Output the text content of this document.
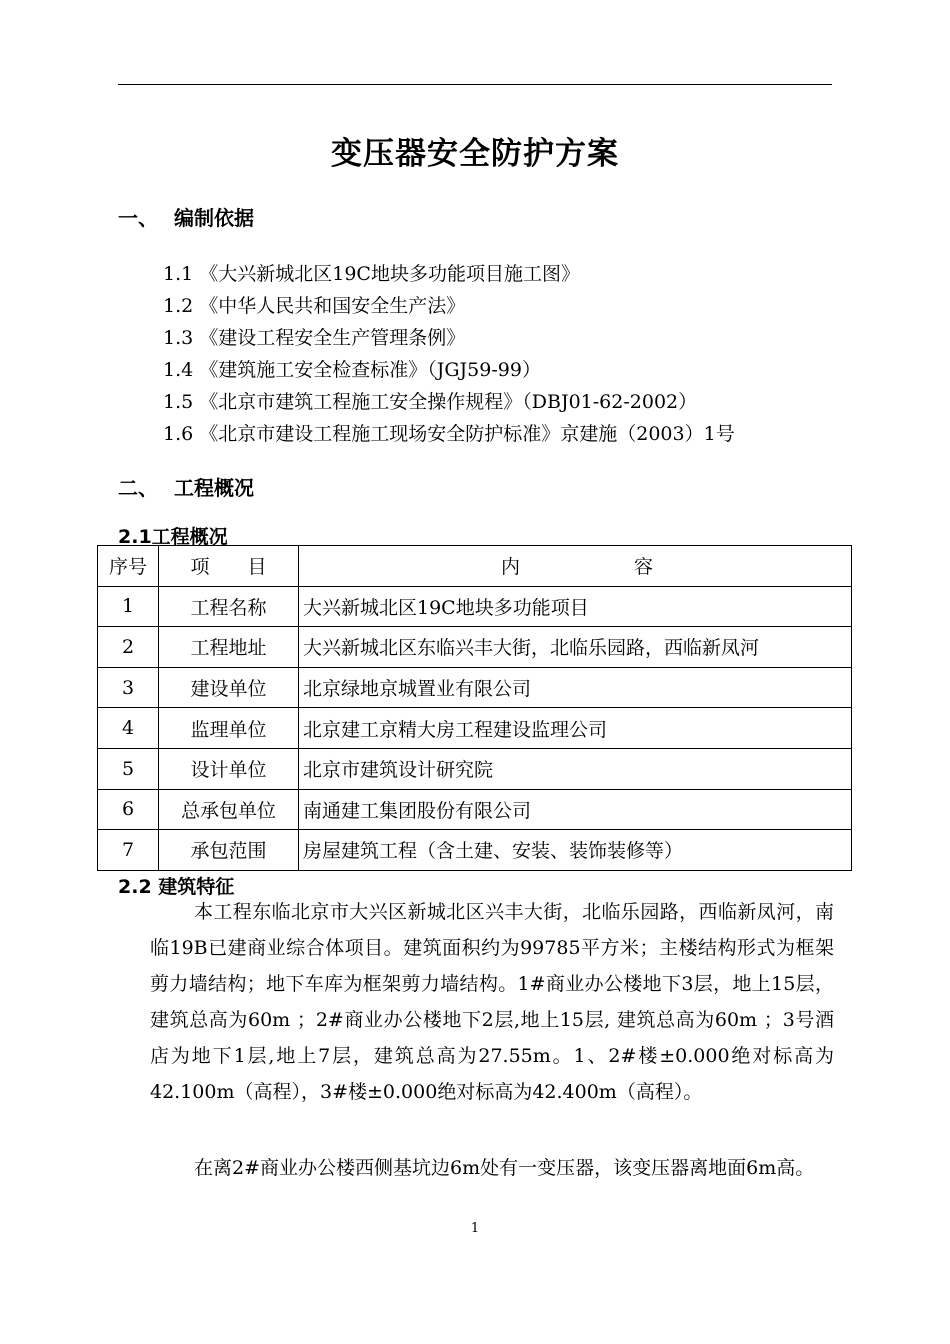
变压器安全防护方案
一、 编制依据
1.1 《大兴新城北区19C地块多功能项目施工图》
1.2 《中华人民共和国安全生产法》
1.3 《建设工程安全生产管理条例》
1.4 《建筑施工安全检查标准》（JGJ59-99）
1.5 《北京市建筑工程施工安全操作规程》（DBJ01-62-2002）
1.6 《北京市建设工程施工现场安全防护标准》京建施（2003）1号
二、 工程概况
2.1工程概况
序号	项　　目	内　　　　　　容
1	工程名称	大兴新城北区19C地块多功能项目
2	工程地址	大兴新城北区东临兴丰大街，北临乐园路，西临新凤河
3	建设单位	北京绿地京城置业有限公司
4	监理单位	北京建工京精大房工程建设监理公司
5	设计单位	北京市建筑设计研究院
6	总承包单位	南通建工集团股份有限公司
7	承包范围	房屋建筑工程（含土建、安装、装饰装修等）
2.2 建筑特征
本工程东临北京市大兴区新城北区兴丰大街，北临乐园路，西临新凤河，南临19B已建商业综合体项目。建筑面积约为99785平方米；主楼结构形式为框架剪力墙结构；地下车库为框架剪力墙结构。1#商业办公楼地下3层，地上15层，建筑总高为60m ；2#商业办公楼地下2层,地上15层, 建筑总高为60m ；3号酒店为地下1层,地上7层，建筑总高为27.55m。1、2#楼±0.000绝对标高为42.100m（高程），3#楼±0.000绝对标高为42.400m（高程）。
在离2#商业办公楼西侧基坑边6m处有一变压器，该变压器离地面6m高。
1
